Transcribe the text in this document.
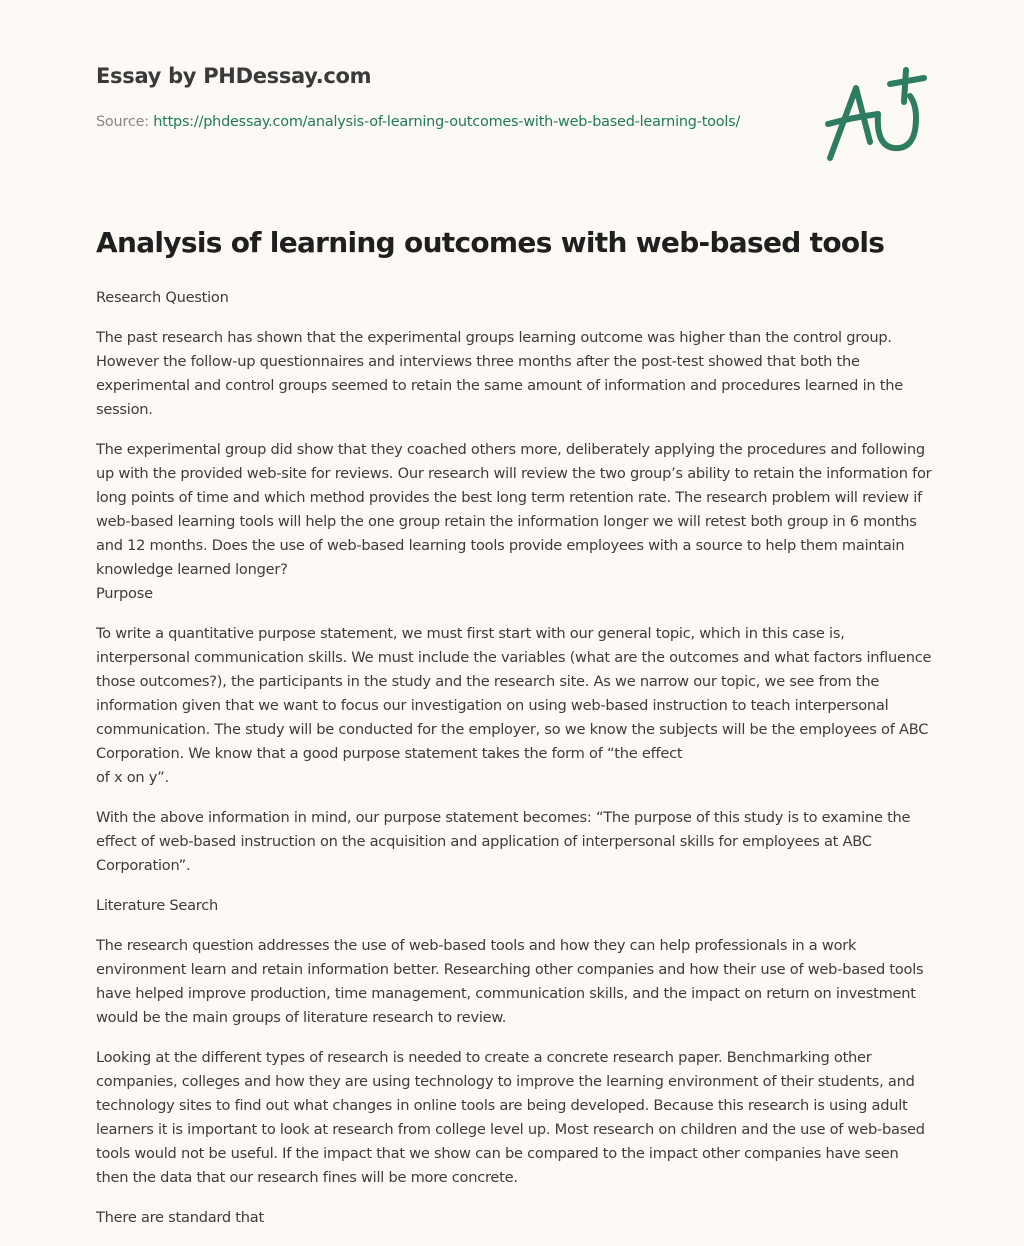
Essay by PHDessay.com
Source: https://phdessay.com/analysis-of-learning-outcomes-with-web-based-learning-tools/
Analysis of learning outcomes with web-based tools

Research Question

The past research has shown that the experimental groups learning outcome was higher than the control group. However the follow-up questionnaires and interviews three months after the post-test showed that both the experimental and control groups seemed to retain the same amount of information and procedures learned in the session.

The experimental group did show that they coached others more, deliberately applying the procedures and following up with the provided web-site for reviews. Our research will review the two group’s ability to retain the information for long points of time and which method provides the best long term retention rate. The research problem will review if web-based learning tools will help the one group retain the information longer we will retest both group in 6 months and 12 months. Does the use of web-based learning tools provide employees with a source to help them maintain knowledge learned longer?

Purpose

To write a quantitative purpose statement, we must first start with our general topic, which in this case is, interpersonal communication skills. We must include the variables (what are the outcomes and what factors influence those outcomes?), the participants in the study and the research site. As we narrow our topic, we see from the information given that we want to focus our investigation on using web-based instruction to teach interpersonal communication. The study will be conducted for the employer, so we know the subjects will be the employees of ABC Corporation. We know that a good purpose statement takes the form of “the effect

of x on y”.

With the above information in mind, our purpose statement becomes: “The purpose of this study is to examine the effect of web-based instruction on the acquisition and application of interpersonal skills for employees at ABC Corporation”.

Literature Search

The research question addresses the use of web-based tools and how they can help professionals in a work environment learn and retain information better. Researching other companies and how their use of web-based tools have helped improve production, time management, communication skills, and the impact on return on investment would be the main groups of literature research to review.

Looking at the different types of research is needed to create a concrete research paper. Benchmarking other companies, colleges and how they are using technology to improve the learning environment of their students, and technology sites to find out what changes in online tools are being developed. Because this research is using adult learners it is important to look at research from college level up. Most research on children and the use of web-based tools would not be useful. If the impact that we show can be compared to the impact other companies have seen then the data that our research fines will be more concrete.

There are standard that
